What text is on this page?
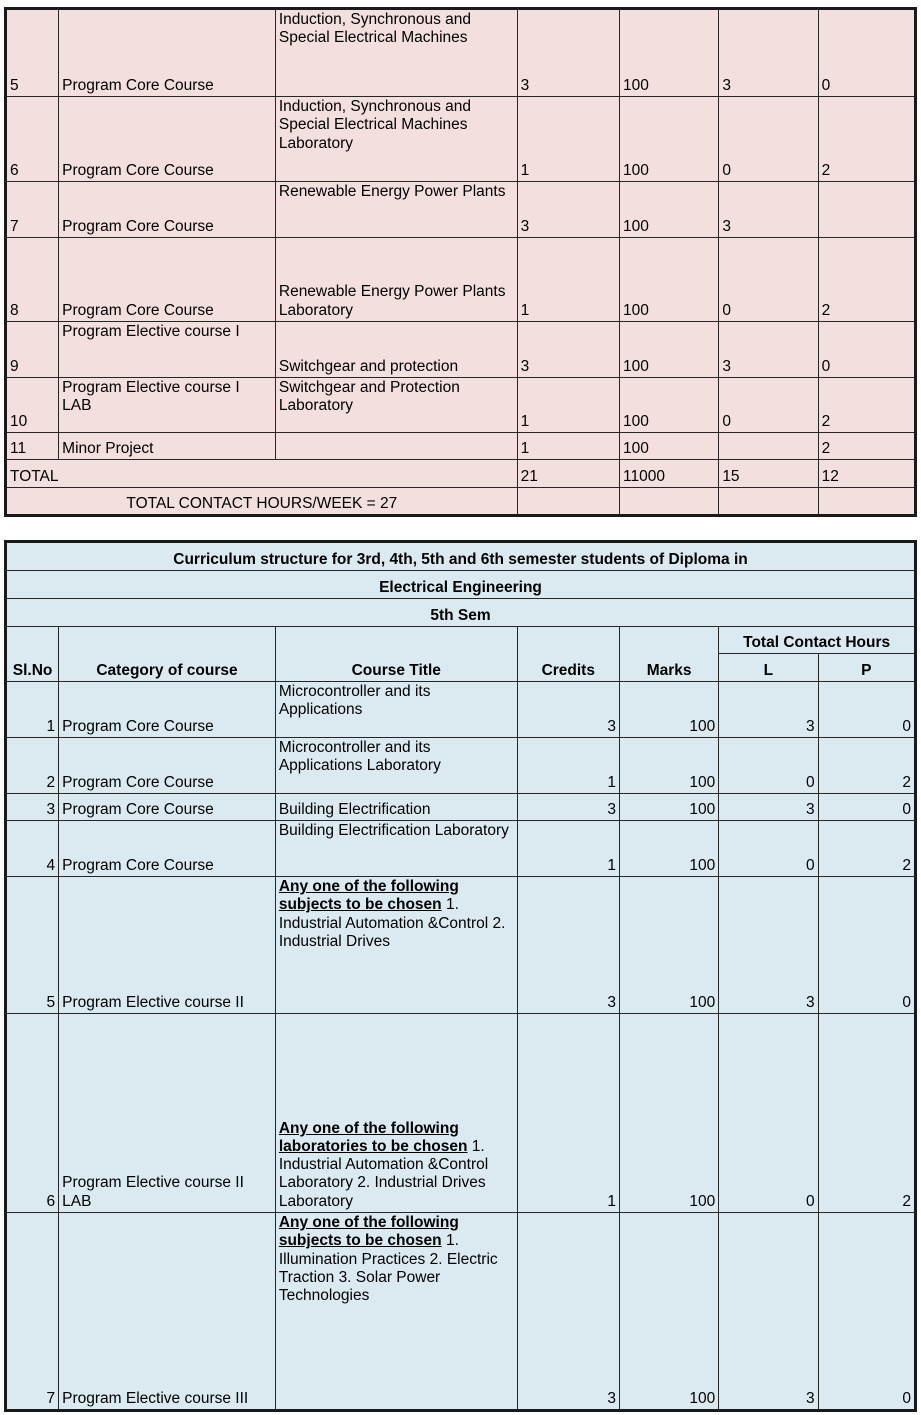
5	Program Core Course	Induction, Synchronous and Special Electrical Machines	3	100	3	0
6	Program Core Course	Induction, Synchronous and Special Electrical Machines Laboratory	1	100	0	2
7	Program Core Course	Renewable Energy Power Plants	3	100	3	
8	Program Core Course	Renewable Energy Power Plants Laboratory	1	100	0	2
9	Program Elective course I	Switchgear and protection	3	100	3	0
10	Program Elective course I LAB	Switchgear and Protection Laboratory	1	100	0	2
11	Minor Project		1	100		2
TOTAL			21	11000	15	12
TOTAL CONTACT HOURS/WEEK = 27						
Curriculum structure for 3rd, 4th, 5th and 6th semester students of Diploma in						
Electrical Engineering						
5th Sem						
Sl.No	Category of course	Course Title	Credits	Marks	Total Contact Hours	
					L	P
1	Program Core Course	Microcontroller and its Applications	3	100	3	0
2	Program Core Course	Microcontroller and its Applications Laboratory	1	100	0	2
3	Program Core Course	Building Electrification	3	100	3	0
4	Program Core Course	Building Electrification Laboratory	1	100	0	2
5	Program Elective course II	Any one of the following subjects to be chosen 1. Industrial Automation &Control 2. Industrial Drives	3	100	3	0
6	Program Elective course II LAB	Any one of the following laboratories to be chosen 1. Industrial Automation &Control Laboratory 2. Industrial Drives Laboratory	1	100	0	2
7	Program Elective course III	Any one of the following subjects to be chosen 1. Illumination Practices 2. Electric Traction 3. Solar Power Technologies	3	100	3	0
